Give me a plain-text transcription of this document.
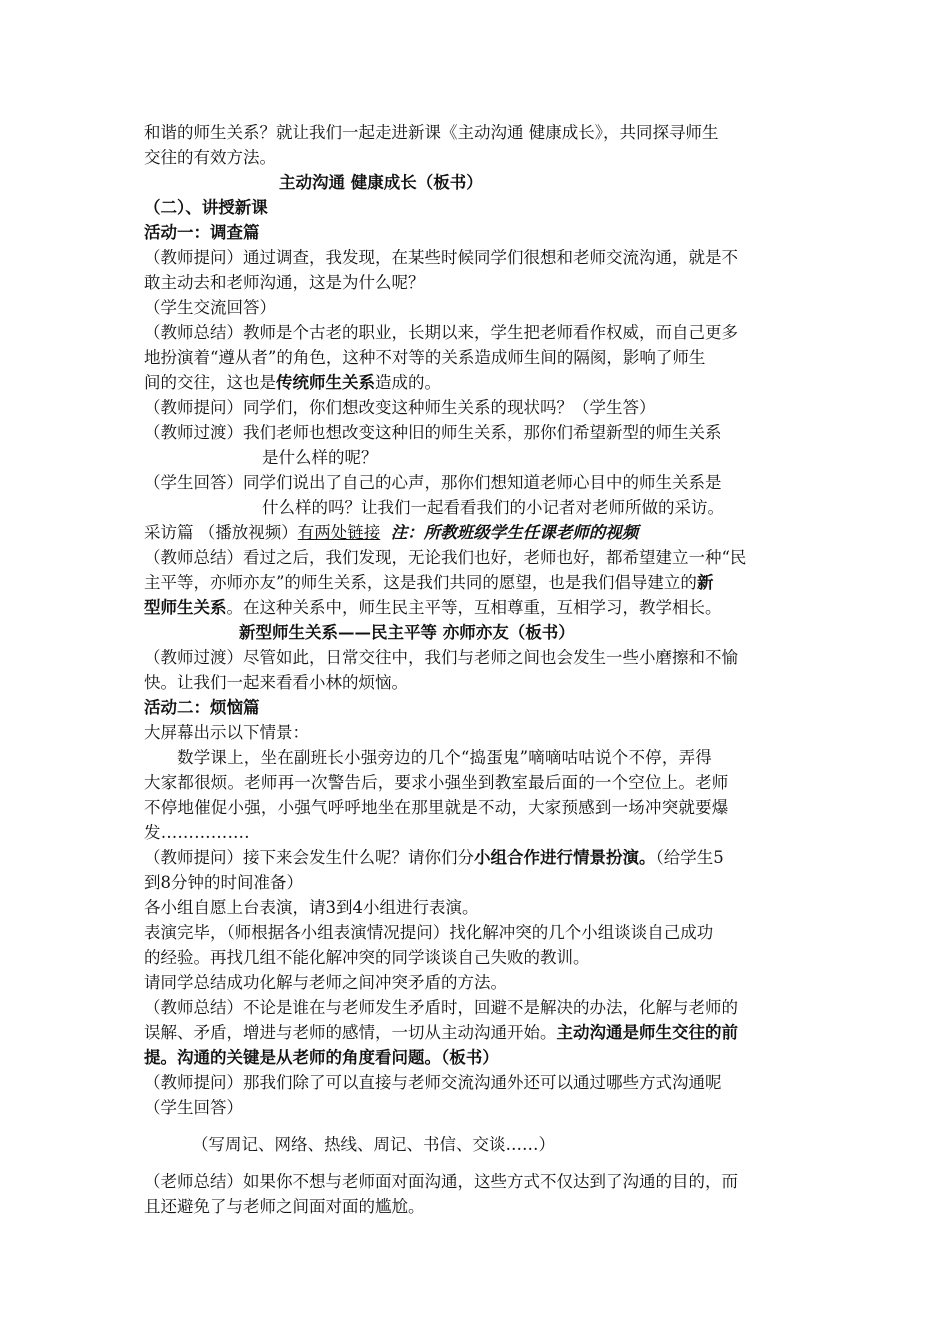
和谐的师生关系？就让我们一起走进新课《主动沟通 健康成长》，共同探寻师生
交往的有效方法。
主动沟通 健康成长（板书）
（二）、讲授新课
活动一：调查篇
（教师提问）通过调查，我发现，在某些时候同学们很想和老师交流沟通，就是不
敢主动去和老师沟通，这是为什么呢？
（学生交流回答）
（教师总结）教师是个古老的职业，长期以来，学生把老师看作权威，而自己更多
地扮演着“遵从者”的角色，这种不对等的关系造成师生间的隔阂，影响了师生
间的交往，这也是传统师生关系造成的。
（教师提问）同学们，你们想改变这种师生关系的现状吗？（学生答）
（教师过渡）我们老师也想改变这种旧的师生关系，那你们希望新型的师生关系
是什么样的呢？
（学生回答）同学们说出了自己的心声，那你们想知道老师心目中的师生关系是
什么样的吗？让我们一起看看我们的小记者对老师所做的采访。
采访篇 （播放视频）有两处链接 注：所教班级学生任课老师的视频
（教师总结）看过之后，我们发现，无论我们也好，老师也好，都希望建立一种“民
主平等，亦师亦友”的师生关系，这是我们共同的愿望，也是我们倡导建立的新
型师生关系。在这种关系中，师生民主平等，互相尊重，互相学习，教学相长。
新型师生关系——民主平等 亦师亦友（板书）
（教师过渡）尽管如此，日常交往中，我们与老师之间也会发生一些小磨擦和不愉
快。让我们一起来看看小林的烦恼。
活动二：烦恼篇
大屏幕出示以下情景：
数学课上，坐在副班长小强旁边的几个“捣蛋鬼”嘀嘀咕咕说个不停，弄得
大家都很烦。老师再一次警告后，要求小强坐到教室最后面的一个空位上。老师
不停地催促小强，小强气呼呼地坐在那里就是不动，大家预感到一场冲突就要爆
发…………….
（教师提问）接下来会发生什么呢？请你们分小组合作进行情景扮演。（给学生5
到8分钟的时间准备）
各小组自愿上台表演，请3到4小组进行表演。
表演完毕，（师根据各小组表演情况提问）找化解冲突的几个小组谈谈自己成功
的经验。再找几组不能化解冲突的同学谈谈自己失败的教训。
请同学总结成功化解与老师之间冲突矛盾的方法。
（教师总结）不论是谁在与老师发生矛盾时，回避不是解决的办法，化解与老师的
误解、矛盾，增进与老师的感情，一切从主动沟通开始。主动沟通是师生交往的前
提。沟通的关键是从老师的角度看问题。（板书）
（教师提问）那我们除了可以直接与老师交流沟通外还可以通过哪些方式沟通呢
（学生回答）
（写周记、网络、热线、周记、书信、交谈……）
（老师总结）如果你不想与老师面对面沟通，这些方式不仅达到了沟通的目的，而
且还避免了与老师之间面对面的尴尬。
